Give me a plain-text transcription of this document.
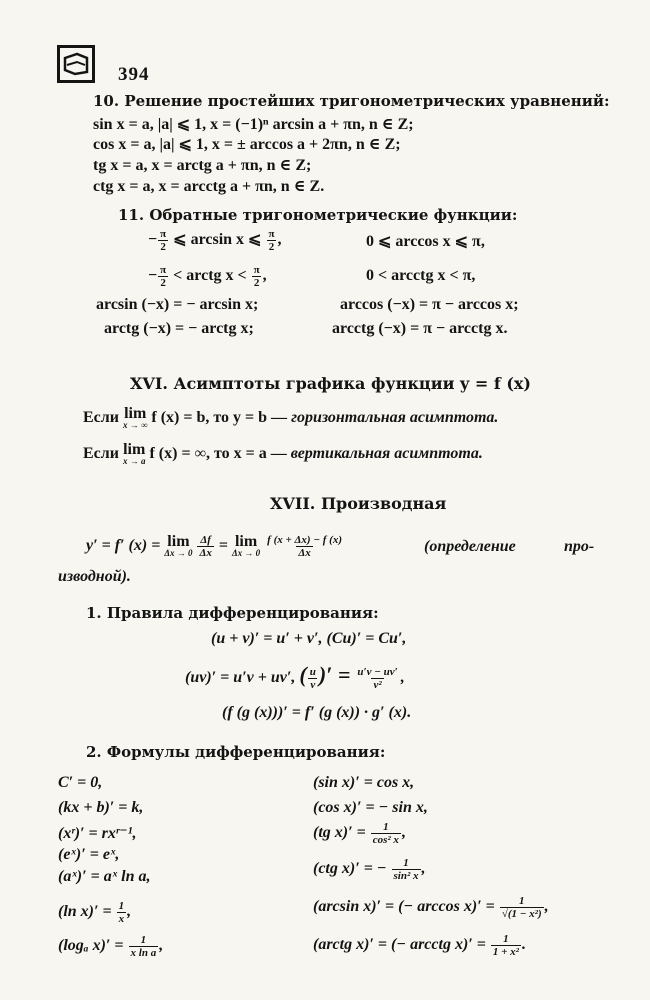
394
10. Решение простейших тригонометрических уравнений:
sin x = a, |a| ⩽ 1, x = (−1)ⁿ arcsin a + πn, n ∈ Z;
cos x = a, |a| ⩽ 1, x = ± arccos a + 2πn, n ∈ Z;
tg x = a, x = arctg a + πn, n ∈ Z;
ctg x = a, x = arcctg a + πn, n ∈ Z.
11. Обратные тригонометрические функции:
− $\frac{\pi}{2}$ ⩽ arcsin x ⩽ $\frac{\pi}{2}$ ,	0 ⩽ arccos x ⩽ π,
− $\frac{\pi}{2}$ < arctg $x < \frac{\pi}{2}$ ,	0 < arcctg x < π,
arcsin (−x) = − arcsin x;	arccos (−x) = π − arccos x;
arctg (−x) = − arctg x;	arcctg (−x) = π − arcctg x.
XVI. Асимптоты графика функции y = f (x)
Если lim
x → ∞ f (x) = b, то y = b — горизонтальная асимптота.
Если lim
x → a f (x) = ∞, то x = a — вертикальная асимптота.
XVII. Производная
y′ = f′ (x) = lim
Δx → 0
$\frac{\Delta f}{\Delta x} = \lim$
Δx → 0
$\frac{f (x + \Delta x) - f (x)}{\Delta x}$	(определение	про-
изводной).
1. Правила дифференцирования:
(u + v)′ = u′ + v′, (Cu)′ = Cu′,
(uv)′ = u′v + uv′, ( $\frac{u}{v}$ )′ = $\frac{u'v - uv'}{\text{v²}}$ ,
(f (g (x)))′ = f′ (g (x)) · g′ (x).
2. Формулы дифференцирования:
C′ = 0,
(kx + b)′ = k,
(xʳ)′ = rxʳ⁻¹,
(eˣ)′ = eˣ,
(aˣ)′ = aˣ ln a,
(ln $x)' = \frac{1}{x}$ ,
(logₐ $x)' = \frac{1}{\text{x ln a}}$ ,
(sin x)′ = cos x,
(cos x)′ = − sin x,
(tg $x)' = \frac{1}{\text{cos² x}}$ ,
(ctg x)′ = − $\frac{1}{\text{sin² x}}$ ,
(arcsin x)′ = (− $\arccos x)' = \frac{1}{\text{√(1 − x²)}}$ ,
(arctg x)′ = (− arcctg $x)' = \frac{1}{\text{1 + x²}}$ .
